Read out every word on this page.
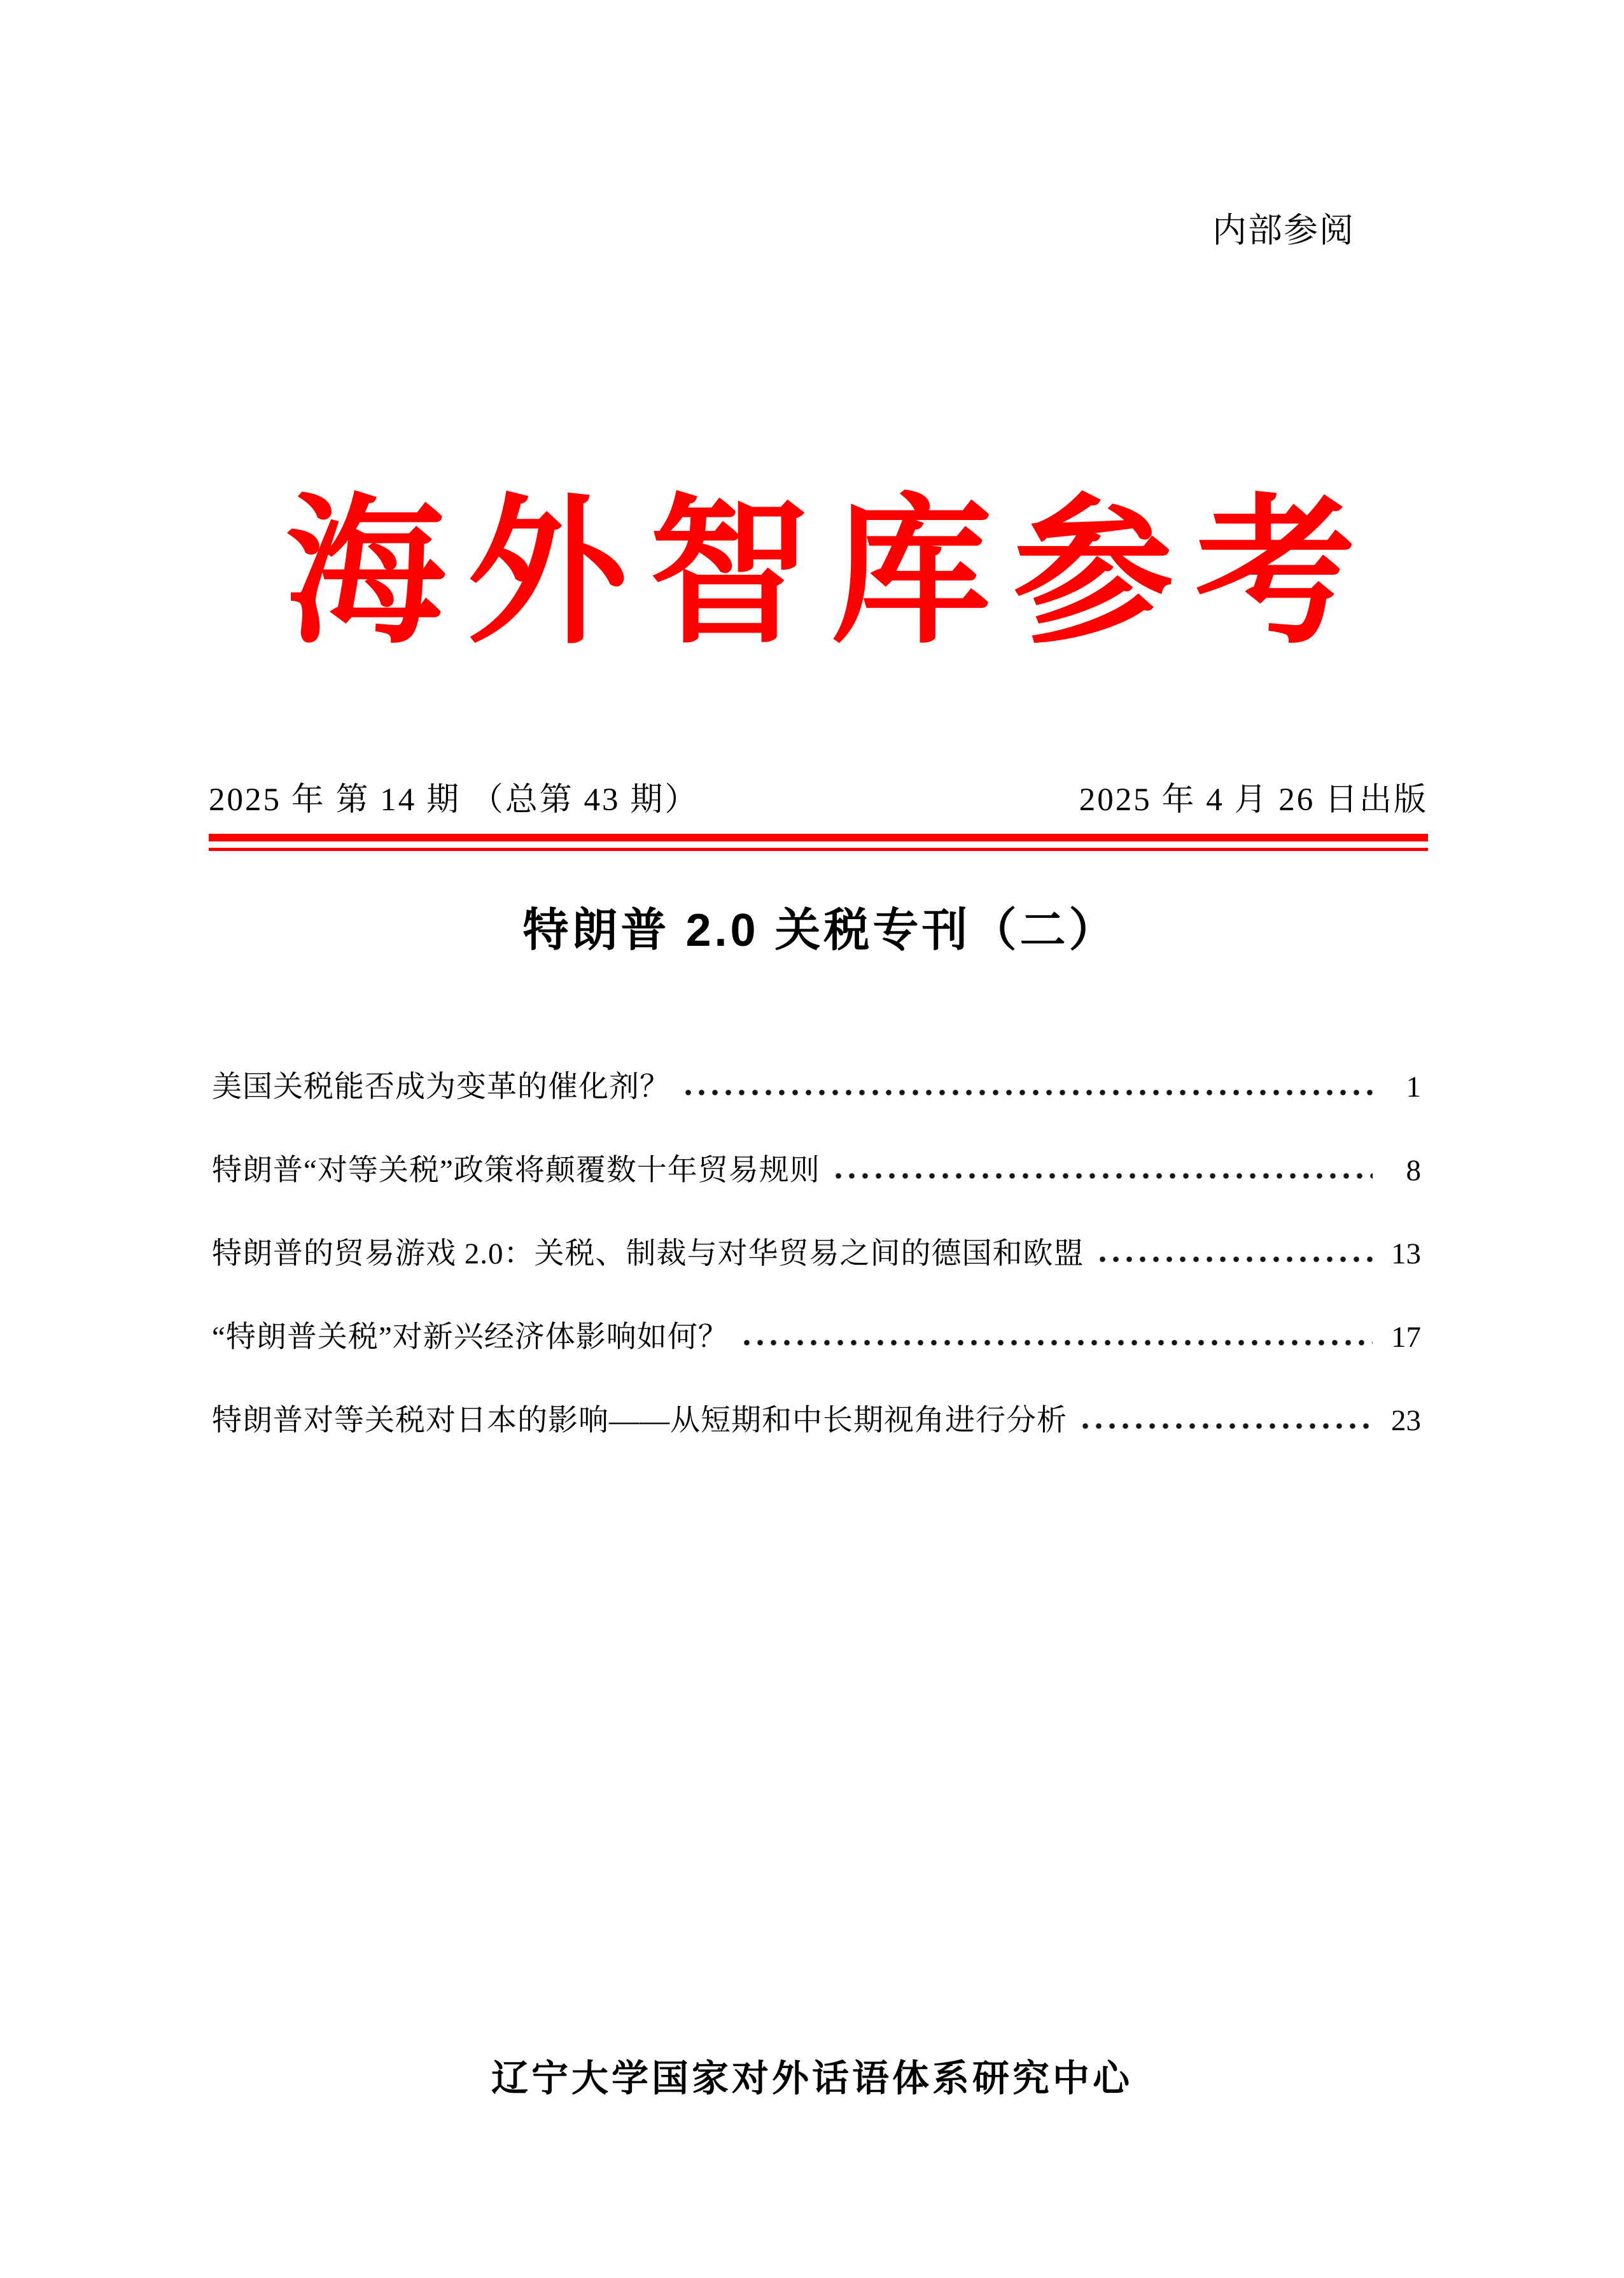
内部参阅
海外智库参考
2025 年 第 14 期 （总第 43 期）	2025 年 4 月 26 日出版
特朗普 2.0 关税专刊（二）
美国关税能否成为变革的催化剂？	1
特朗普“对等关税”政策将颠覆数十年贸易规则	8
特朗普的贸易游戏 2.0：关税、制裁与对华贸易之间的德国和欧盟	13
“特朗普关税”对新兴经济体影响如何？	17
特朗普对等关税对日本的影响——从短期和中长期视角进行分析	23
辽宁大学国家对外话语体系研究中心
